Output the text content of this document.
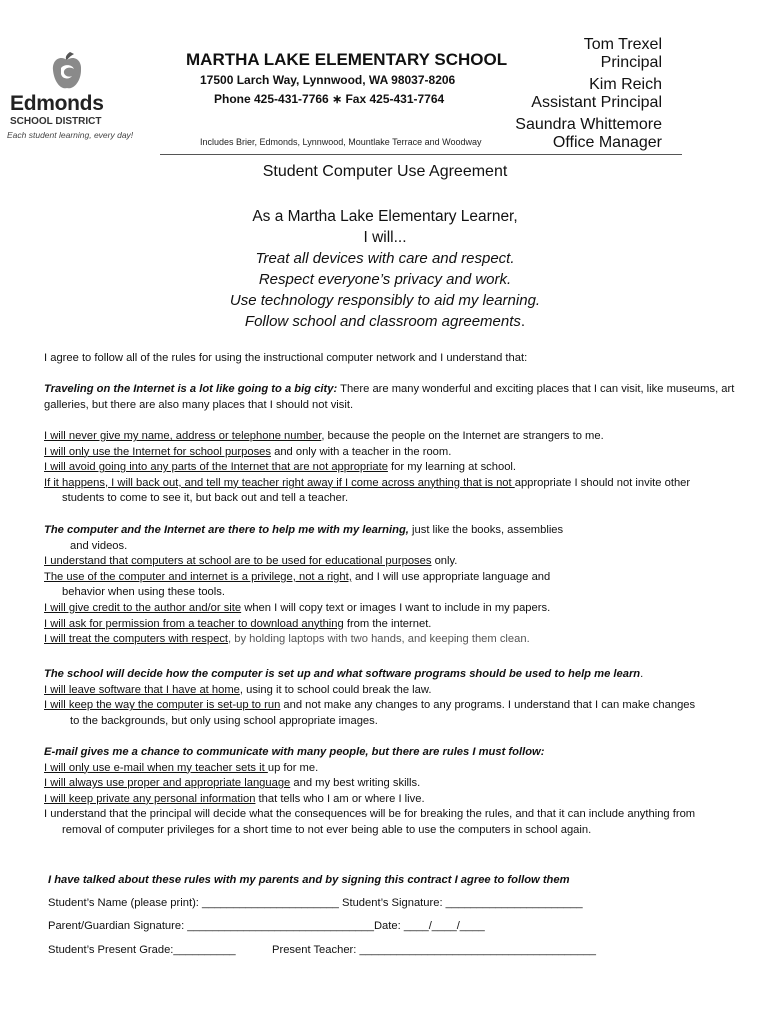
Edmonds
SCHOOL DISTRICT
Each student learning, every day!
MARTHA LAKE ELEMENTARY SCHOOL
17500 Larch Way, Lynnwood, WA 98037-8206
Phone 425-431-7766 ∗ Fax 425-431-7764
Includes Brier, Edmonds, Lynnwood, Mountlake Terrace and Woodway
Tom Trexel
Principal
Kim Reich
Assistant Principal
Saundra Whittemore
Office Manager
Student Computer Use Agreement
As a Martha Lake Elementary Learner,
I will...
Treat all devices with care and respect.
Respect everyone’s privacy and work.
Use technology responsibly to aid my learning.
Follow school and classroom agreements.

I agree to follow all of the rules for using the instructional computer network and I understand that:

Traveling on the Internet is a lot like going to a big city: There are many wonderful and exciting places that I can visit, like museums, art galleries, but there are also many places that I should not visit.

I will never give my name, address or telephone number, because the people on the Internet are strangers to me.

I will only use the Internet for school purposes and only with a teacher in the room.

I will avoid going into any parts of the Internet that are not appropriate for my learning at school.

If it happens, I will back out, and tell my teacher right away if I come across anything that is not appropriate I should not invite other

students to come to see it, but back out and tell a teacher.

The computer and the Internet are there to help me with my learning, just like the books, assemblies

and videos.

I understand that computers at school are to be used for educational purposes only.

The use of the computer and internet is a privilege, not a right, and I will use appropriate language and

behavior when using these tools.

I will give credit to the author and/or site when I will copy text or images I want to include in my papers.

I will ask for permission from a teacher to download anything from the internet.

I will treat the computers with respect, by holding laptops with two hands, and keeping them clean.

The school will decide how the computer is set up and what software programs should be used to help me learn.

I will leave software that I have at home, using it to school could break the law.

I will keep the way the computer is set-up to run and not make any changes to any programs. I understand that I can make changes

to the backgrounds, but only using school appropriate images.

E-mail gives me a chance to communicate with many people, but there are rules I must follow:

I will only use e-mail when my teacher sets it up for me.

I will always use proper and appropriate language and my best writing skills.

I will keep private any personal information that tells who I am or where I live.

I understand that the principal will decide what the consequences will be for breaking the rules, and that it can include anything from

removal of computer privileges for a short time to not ever being able to use the computers in school again.

I have talked about these rules with my parents and by signing this contract I agree to follow them

Student’s Name (please print): ______________________ Student’s Signature: ______________________
Parent/Guardian Signature: ______________________________Date: ____/____/____
Student’s Present Grade:__________	Present Teacher: ______________________________________
